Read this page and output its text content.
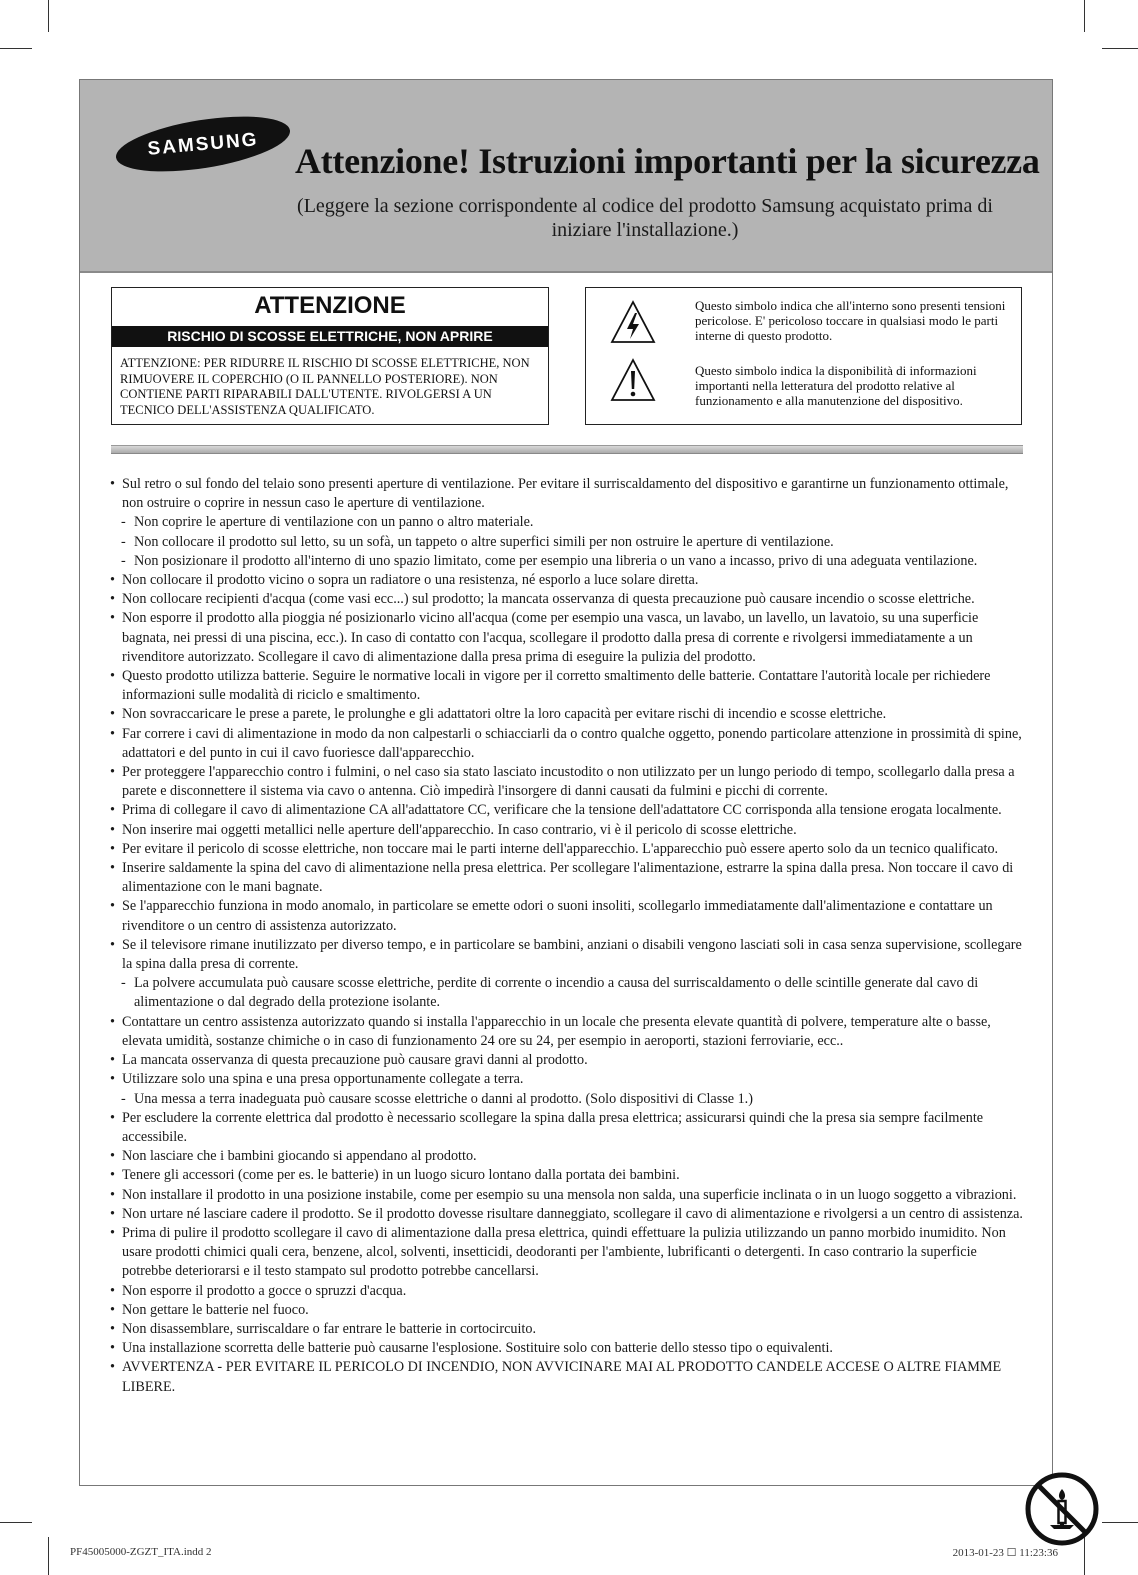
SAMSUNG Attenzione! Istruzioni importanti per la sicurezza
(Leggere la sezione corrispondente al codice del prodotto Samsung acquistato prima di iniziare l'installazione.)
ATTENZIONE
RISCHIO DI SCOSSE ELETTRICHE, NON APRIRE
ATTENZIONE: PER RIDURRE IL RISCHIO DI SCOSSE ELETTRICHE, NON RIMUOVERE IL COPERCHIO (O IL PANNELLO POSTERIORE). NON CONTIENE PARTI RIPARABILI DALL'UTENTE. RIVOLGERSI A UN TECNICO DELL'ASSISTENZA QUALIFICATO.
Questo simbolo indica che all'interno sono presenti tensioni pericolose. E' pericoloso toccare in qualsiasi modo le parti interne di questo prodotto.
Questo simbolo indica la disponibilità di informazioni importanti nella letteratura del prodotto relative al funzionamento e alla manutenzione del dispositivo.
• Sul retro o sul fondo del telaio sono presenti aperture di ventilazione. Per evitare il surriscaldamento del dispositivo e garantirne un funzionamento ottimale, non ostruire o coprire in nessun caso le aperture di ventilazione.
- Non coprire le aperture di ventilazione con un panno o altro materiale.
- Non collocare il prodotto sul letto, su un sofà, un tappeto o altre superfici simili per non ostruire le aperture di ventilazione.
- Non posizionare il prodotto all'interno di uno spazio limitato, come per esempio una libreria o un vano a incasso, privo di una adeguata ventilazione.
• Non collocare il prodotto vicino o sopra un radiatore o una resistenza, né esporlo a luce solare diretta.
• Non collocare recipienti d'acqua (come vasi ecc...) sul prodotto; la mancata osservanza di questa precauzione può causare incendio o scosse elettriche.
• Non esporre il prodotto alla pioggia né posizionarlo vicino all'acqua (come per esempio una vasca, un lavabo, un lavello, un lavatoio, su una superficie bagnata, nei pressi di una piscina, ecc.). In caso di contatto con l'acqua, scollegare il prodotto dalla presa di corrente e rivolgersi immediatamente a un rivenditore autorizzato. Scollegare il cavo di alimentazione dalla presa prima di eseguire la pulizia del prodotto.
• Questo prodotto utilizza batterie. Seguire le normative locali in vigore per il corretto smaltimento delle batterie. Contattare l'autorità locale per richiedere informazioni sulle modalità di riciclo e smaltimento.
• Non sovraccaricare le prese a parete, le prolunghe e gli adattatori oltre la loro capacità per evitare rischi di incendio e scosse elettriche.
• Far correre i cavi di alimentazione in modo da non calpestarli o schiacciarli da o contro qualche oggetto, ponendo particolare attenzione in prossimità di spine, adattatori e del punto in cui il cavo fuoriesce dall'apparecchio.
• Per proteggere l'apparecchio contro i fulmini, o nel caso sia stato lasciato incustodito o non utilizzato per un lungo periodo di tempo, scollegarlo dalla presa a parete e disconnettere il sistema via cavo o antenna. Ciò impedirà l'insorgere di danni causati da fulmini e picchi di corrente.
• Prima di collegare il cavo di alimentazione CA all'adattatore CC, verificare che la tensione dell'adattatore CC corrisponda alla tensione erogata localmente.
• Non inserire mai oggetti metallici nelle aperture dell'apparecchio. In caso contrario, vi è il pericolo di scosse elettriche.
• Per evitare il pericolo di scosse elettriche, non toccare mai le parti interne dell'apparecchio. L'apparecchio può essere aperto solo da un tecnico qualificato.
• Inserire saldamente la spina del cavo di alimentazione nella presa elettrica. Per scollegare l'alimentazione, estrarre la spina dalla presa. Non toccare il cavo di alimentazione con le mani bagnate.
• Se l'apparecchio funziona in modo anomalo, in particolare se emette odori o suoni insoliti, scollegarlo immediatamente dall'alimentazione e contattare un rivenditore o un centro di assistenza autorizzato.
• Se il televisore rimane inutilizzato per diverso tempo, e in particolare se bambini, anziani o disabili vengono lasciati soli in casa senza supervisione, scollegare la spina dalla presa di corrente.
- La polvere accumulata può causare scosse elettriche, perdite di corrente o incendio a causa del surriscaldamento o delle scintille generate dal cavo di alimentazione o dal degrado della protezione isolante.
• Contattare un centro assistenza autorizzato quando si installa l'apparecchio in un locale che presenta elevate quantità di polvere, temperature alte o basse, elevata umidità, sostanze chimiche o in caso di funzionamento 24 ore su 24, per esempio in aeroporti, stazioni ferroviarie, ecc..
• La mancata osservanza di questa precauzione può causare gravi danni al prodotto.
• Utilizzare solo una spina e una presa opportunamente collegate a terra.
- Una messa a terra inadeguata può causare scosse elettriche o danni al prodotto. (Solo dispositivi di Classe 1.)
• Per escludere la corrente elettrica dal prodotto è necessario scollegare la spina dalla presa elettrica; assicurarsi quindi che la presa sia sempre facilmente accessibile.
• Non lasciare che i bambini giocando si appendano al prodotto.
• Tenere gli accessori (come per es. le batterie) in un luogo sicuro lontano dalla portata dei bambini.
• Non installare il prodotto in una posizione instabile, come per esempio su una mensola non salda, una superficie inclinata o in un luogo soggetto a vibrazioni.
• Non urtare né lasciare cadere il prodotto. Se il prodotto dovesse risultare danneggiato, scollegare il cavo di alimentazione e rivolgersi a un centro di assistenza.
• Prima di pulire il prodotto scollegare il cavo di alimentazione dalla presa elettrica, quindi effettuare la pulizia utilizzando un panno morbido inumidito. Non usare prodotti chimici quali cera, benzene, alcol, solventi, insetticidi, deodoranti per l'ambiente, lubrificanti o detergenti. In caso contrario la superficie potrebbe deteriorarsi e il testo stampato sul prodotto potrebbe cancellarsi.
• Non esporre il prodotto a gocce o spruzzi d'acqua.
• Non gettare le batterie nel fuoco.
• Non disassemblare, surriscaldare o far entrare le batterie in cortocircuito.
• Una installazione scorretta delle batterie può causarne l'esplosione. Sostituire solo con batterie dello stesso tipo o equivalenti.
• AVVERTENZA - PER EVITARE IL PERICOLO DI INCENDIO, NON AVVICINARE MAI AL PRODOTTO CANDELE ACCESE O ALTRE FIAMME LIBERE.
PF45005000-ZGZT_ITA.indd 2	2013-01-23 ☐ 11:23:36
